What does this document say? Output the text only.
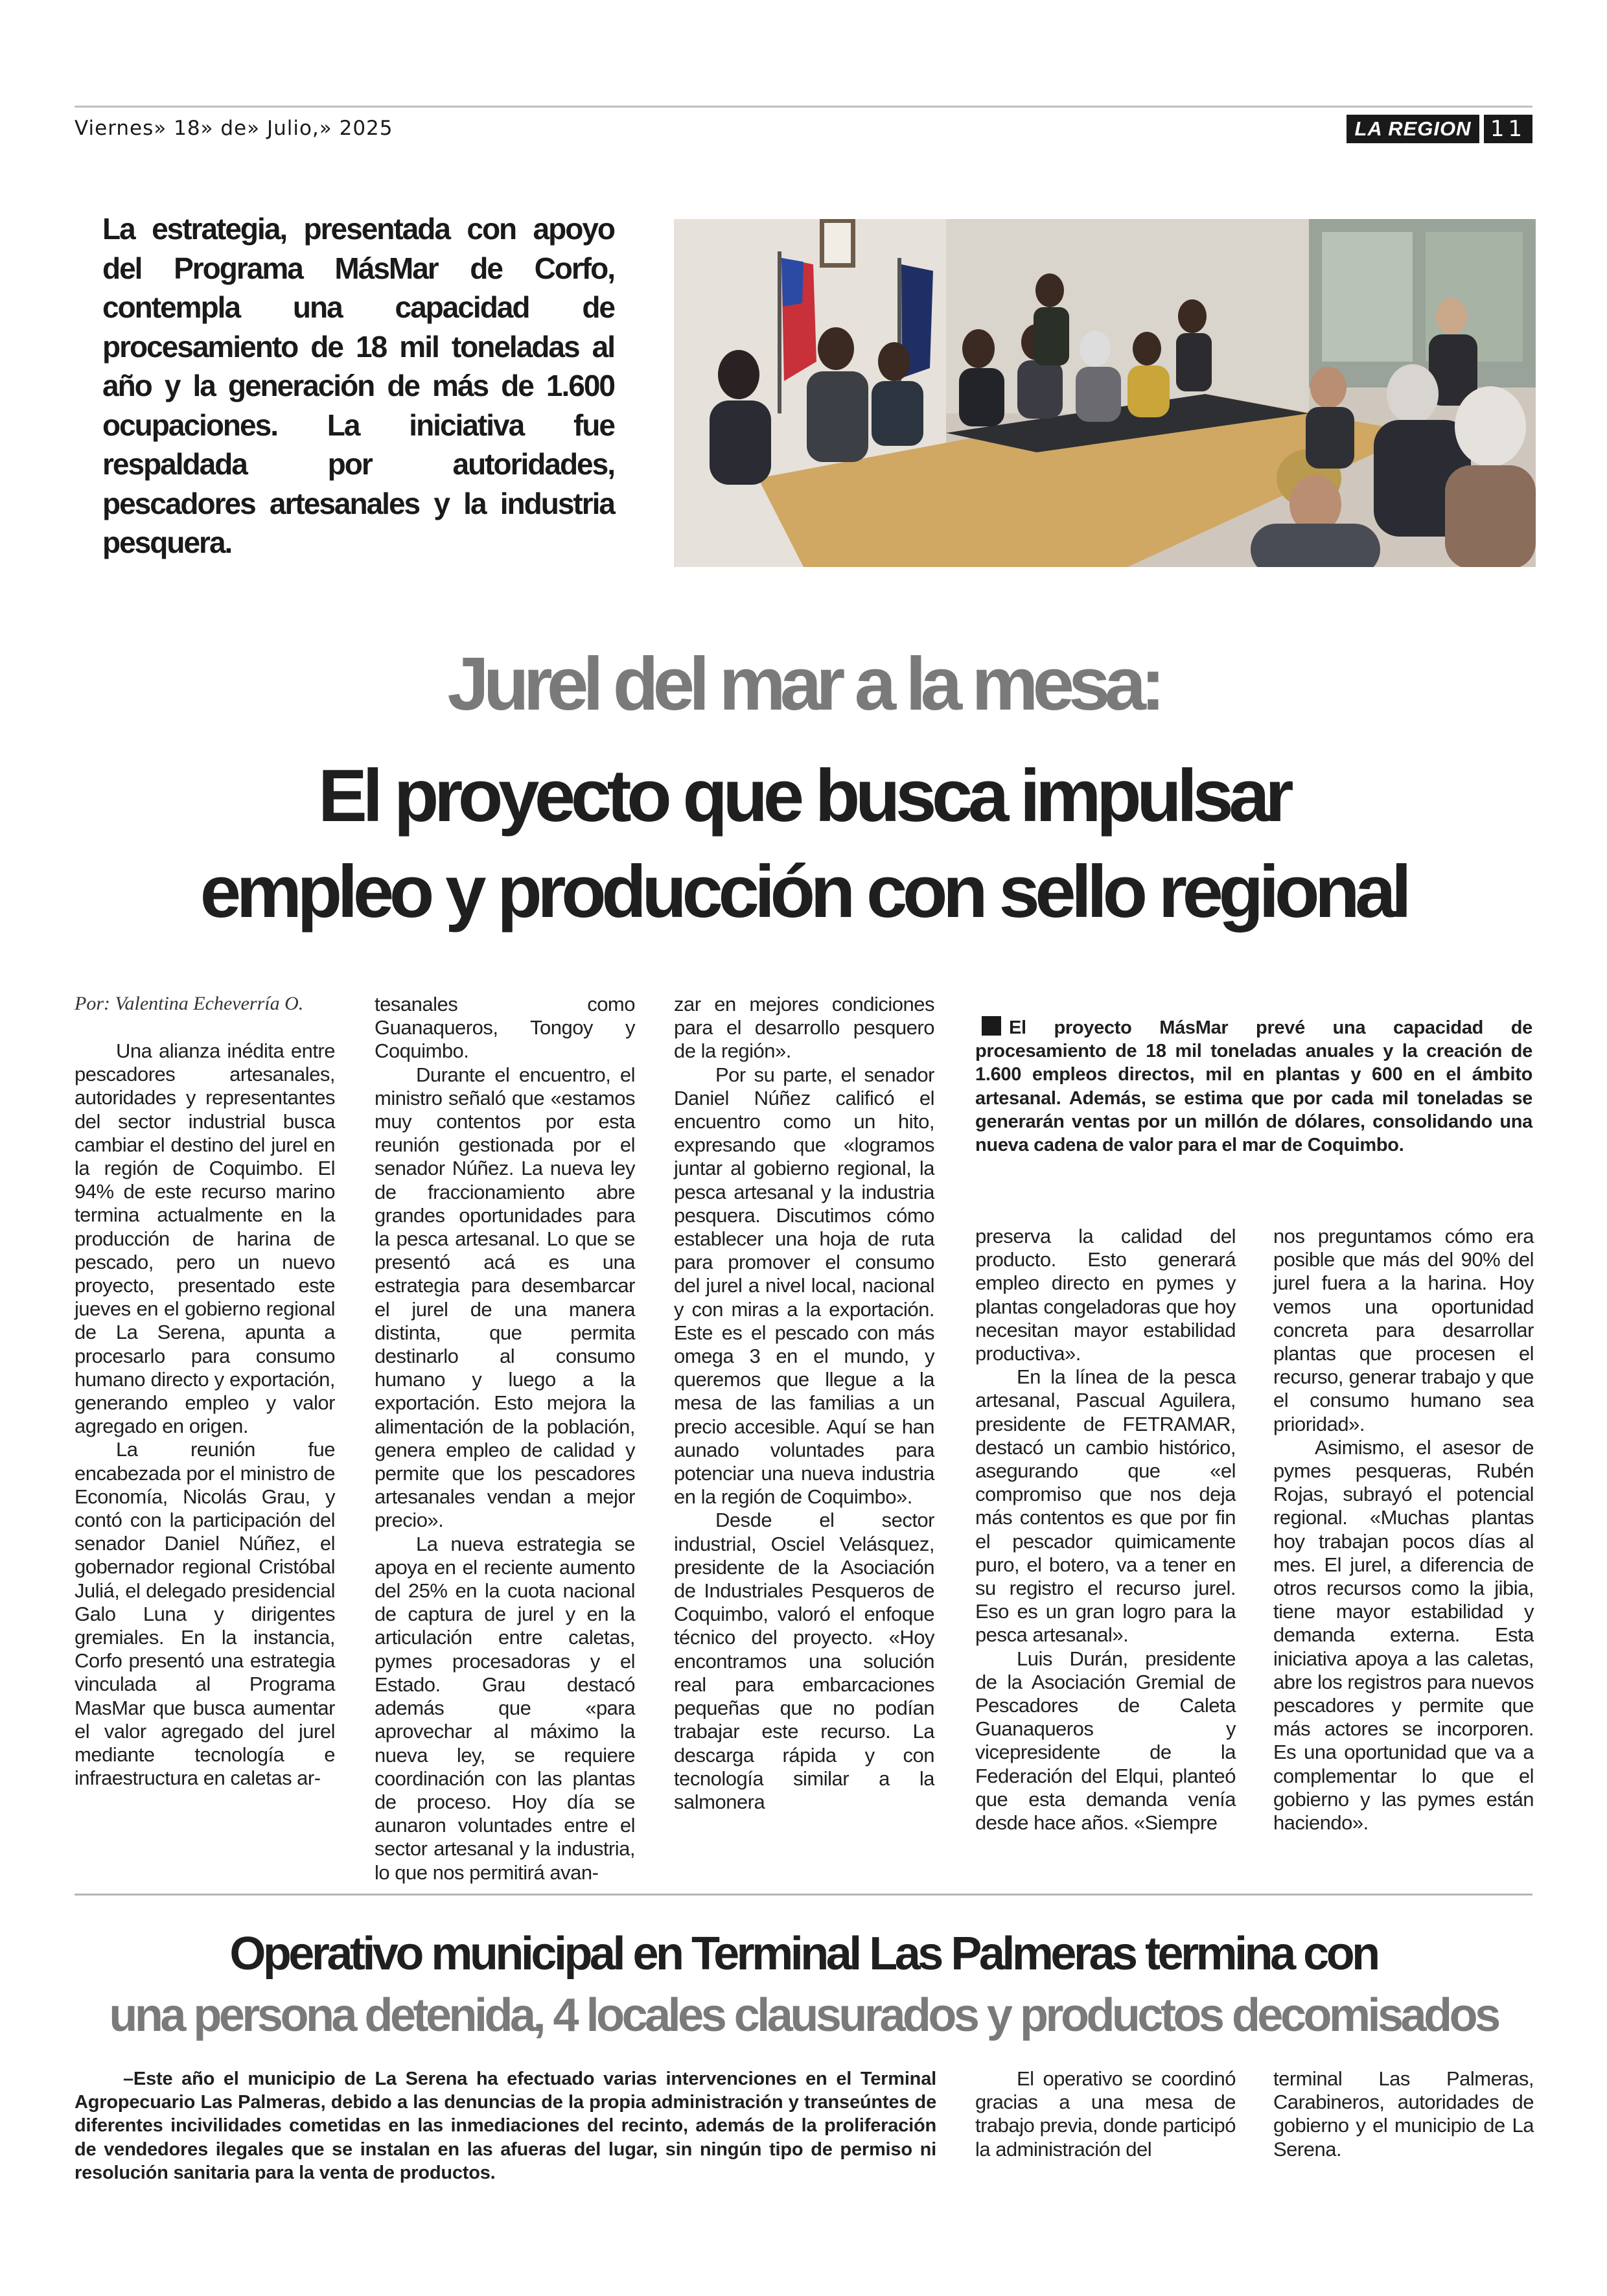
Viernes» 18» de» Julio,» 2025	LA REGION 11
La estrategia, presentada con apoyo del Programa MásMar de Corfo, contempla una capacidad de procesamiento de 18 mil toneladas al año y la generación de más de 1.600 ocupaciones. La iniciativa fue respaldada por autoridades, pescadores artesanales y la industria pesquera.
Jurel del mar a la mesa:
El proyecto que busca impulsar
empleo y producción con sello regional
Por: Valentina Echeverría O.

Una alianza inédita entre pescadores artesanales, autoridades y representantes del sector industrial busca cambiar el destino del jurel en la región de Coquimbo. El 94% de este recurso marino termina actualmente en la producción de harina de pescado, pero un nuevo proyecto, presentado este jueves en el gobierno regional de La Serena, apunta a procesarlo para consumo humano directo y exportación, generando empleo y valor agregado en origen.

La reunión fue encabezada por el ministro de Economía, Nicolás Grau, y contó con la participación del senador Daniel Núñez, el gobernador regional Cristóbal Juliá, el delegado presidencial Galo Luna y dirigentes gremiales. En la instancia, Corfo presentó una estrategia vinculada al Programa MasMar que busca aumentar el valor agregado del jurel mediante tecnología e infraestructura en caletas ar-

tesanales como Guanaqueros, Tongoy y Coquimbo.

Durante el encuentro, el ministro señaló que «estamos muy contentos por esta reunión gestionada por el senador Núñez. La nueva ley de fraccionamiento abre grandes oportunidades para la pesca artesanal. Lo que se presentó acá es una estrategia para desembarcar el jurel de una manera distinta, que permita destinarlo al consumo humano y luego a la exportación. Esto mejora la alimentación de la población, genera empleo de calidad y permite que los pescadores artesanales vendan a mejor precio».

La nueva estrategia se apoya en el reciente aumento del 25% en la cuota nacional de captura de jurel y en la articulación entre caletas, pymes procesadoras y el Estado. Grau destacó además que «para aprovechar al máximo la nueva ley, se requiere coordinación con las plantas de proceso. Hoy día se aunaron voluntades entre el sector artesanal y la industria, lo que nos permitirá avan-

zar en mejores condiciones para el desarrollo pesquero de la región».

Por su parte, el senador Daniel Núñez calificó el encuentro como un hito, expresando que «logramos juntar al gobierno regional, la pesca artesanal y la industria pesquera. Discutimos cómo establecer una hoja de ruta para promover el consumo del jurel a nivel local, nacional y con miras a la exportación. Este es el pescado con más omega 3 en el mundo, y queremos que llegue a la mesa de las familias a un precio accesible. Aquí se han aunado voluntades para potenciar una nueva industria en la región de Coquimbo».

Desde el sector industrial, Osciel Velásquez, presidente de la Asociación de Industriales Pesqueros de Coquimbo, valoró el enfoque técnico del proyecto. «Hoy encontramos una solución real para embarcaciones pequeñas que no podían trabajar este recurso. La descarga rápida y con tecnología similar a la salmonera

El proyecto MásMar prevé una capacidad de procesamiento de 18 mil toneladas anuales y la creación de 1.600 empleos directos, mil en plantas y 600 en el ámbito artesanal. Además, se estima que por cada mil toneladas se generarán ventas por un millón de dólares, consolidando una nueva cadena de valor para el mar de Coquimbo.

preserva la calidad del producto. Esto generará empleo directo en pymes y plantas congeladoras que hoy necesitan mayor estabilidad productiva».

En la línea de la pesca artesanal, Pascual Aguilera, presidente de FETRAMAR, destacó un cambio histórico, asegurando que «el compromiso que nos deja más contentos es que por fin el pescador quimicamente puro, el botero, va a tener en su registro el recurso jurel. Eso es un gran logro para la pesca artesanal».

Luis Durán, presidente de la Asociación Gremial de Pescadores de Caleta Guanaqueros y vicepresidente de la Federación del Elqui, planteó que esta demanda venía desde hace años. «Siempre

nos preguntamos cómo era posible que más del 90% del jurel fuera a la harina. Hoy vemos una oportunidad concreta para desarrollar plantas que procesen el recurso, generar trabajo y que el consumo humano sea prioridad».

Asimismo, el asesor de pymes pesqueras, Rubén Rojas, subrayó el potencial regional. «Muchas plantas hoy trabajan pocos días al mes. El jurel, a diferencia de otros recursos como la jibia, tiene mayor estabilidad y demanda externa. Esta iniciativa apoya a las caletas, abre los registros para nuevos pescadores y permite que más actores se incorporen. Es una oportunidad que va a complementar lo que el gobierno y las pymes están haciendo».

Operativo municipal en Terminal Las Palmeras termina con
una persona detenida, 4 locales clausurados y productos decomisados
–Este año el municipio de La Serena ha efectuado varias intervenciones en el Terminal Agropecuario Las Palmeras, debido a las denuncias de la propia administración y transeúntes de diferentes incivilidades cometidas en las inmediaciones del recinto, además de la proliferación de vendedores ilegales que se instalan en las afueras del lugar, sin ningún tipo de permiso ni resolución sanitaria para la venta de productos.

El operativo se coordinó gracias a una mesa de trabajo previa, donde participó la administración del

terminal Las Palmeras, Carabineros, autoridades de gobierno y el municipio de La Serena.
